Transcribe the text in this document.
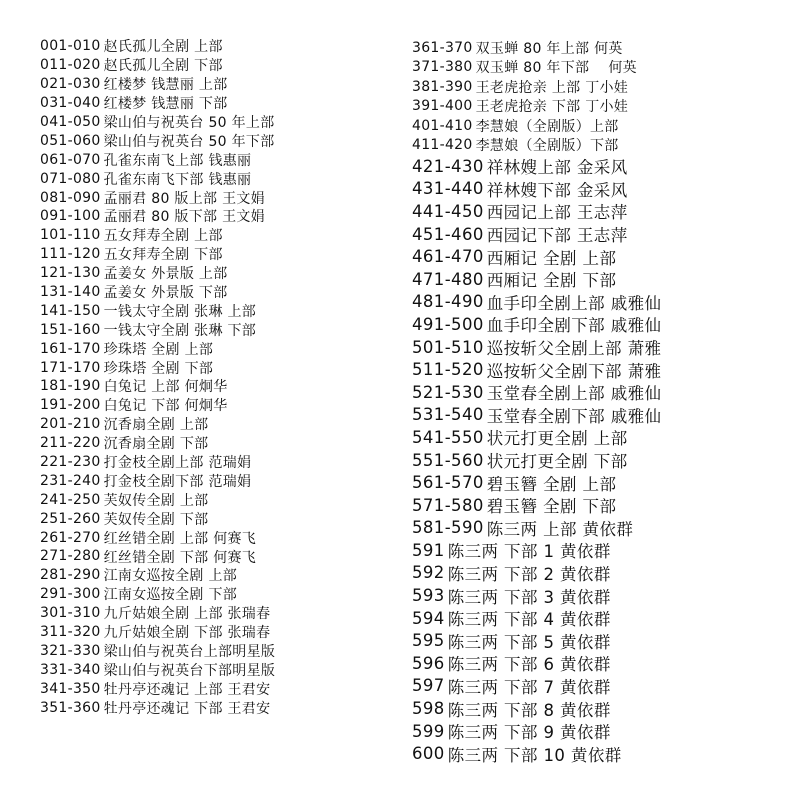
001-010 赵氏孤儿全剧 上部
011-020 赵氏孤儿全剧 下部
021-030 红楼梦 钱慧丽 上部
031-040 红楼梦 钱慧丽 下部
041-050 梁山伯与祝英台 50 年上部
051-060 梁山伯与祝英台 50 年下部
061-070 孔雀东南飞上部 钱惠丽
071-080 孔雀东南飞下部 钱惠丽
081-090 孟丽君 80 版上部 王文娟
091-100 孟丽君 80 版下部 王文娟
101-110 五女拜寿全剧 上部
111-120 五女拜寿全剧 下部
121-130 孟姜女 外景版 上部
131-140 孟姜女 外景版 下部
141-150 一钱太守全剧 张琳 上部
151-160 一钱太守全剧 张琳 下部
161-170 珍珠塔 全剧 上部
171-170 珍珠塔 全剧 下部
181-190 白兔记 上部 何炯华
191-200 白兔记 下部 何炯华
201-210 沉香扇全剧 上部
211-220 沉香扇全剧 下部
221-230 打金枝全剧上部 范瑞娟
231-240 打金枝全剧下部 范瑞娟
241-250 芙奴传全剧 上部
251-260 芙奴传全剧 下部
261-270 红丝错全剧 上部 何赛飞
271-280 红丝错全剧 下部 何赛飞
281-290 江南女巡按全剧 上部
291-300 江南女巡按全剧 下部
301-310 九斤姑娘全剧 上部 张瑞春
311-320 九斤姑娘全剧 下部 张瑞春
321-330 梁山伯与祝英台上部明星版
331-340 梁山伯与祝英台下部明星版
341-350 牡丹亭还魂记 上部 王君安
351-360 牡丹亭还魂记 下部 王君安
361-370 双玉蝉 80 年上部 何英
371-380 双玉蝉 80 年下部 　何英
381-390 王老虎抢亲 上部 丁小娃
391-400 王老虎抢亲 下部 丁小娃
401-410 李慧娘（全剧版）上部
411-420 李慧娘（全剧版）下部
421-430 祥林嫂上部 金采风
431-440 祥林嫂下部 金采风
441-450 西园记上部 王志萍
451-460 西园记下部 王志萍
461-470 西厢记 全剧 上部
471-480 西厢记 全剧 下部
481-490 血手印全剧上部 戚雅仙
491-500 血手印全剧下部 戚雅仙
501-510 巡按斩父全剧上部 萧雅
511-520 巡按斩父全剧下部 萧雅
521-530 玉堂春全剧上部 戚雅仙
531-540 玉堂春全剧下部 戚雅仙
541-550 状元打更全剧 上部
551-560 状元打更全剧 下部
561-570 碧玉簪 全剧 上部
571-580 碧玉簪 全剧 下部
581-590 陈三两 上部 黄依群
591 陈三两 下部 1 黄依群
592 陈三两 下部 2 黄依群
593 陈三两 下部 3 黄依群
594 陈三两 下部 4 黄依群
595 陈三两 下部 5 黄依群
596 陈三两 下部 6 黄依群
597 陈三两 下部 7 黄依群
598 陈三两 下部 8 黄依群
599 陈三两 下部 9 黄依群
600 陈三两 下部 10 黄依群
